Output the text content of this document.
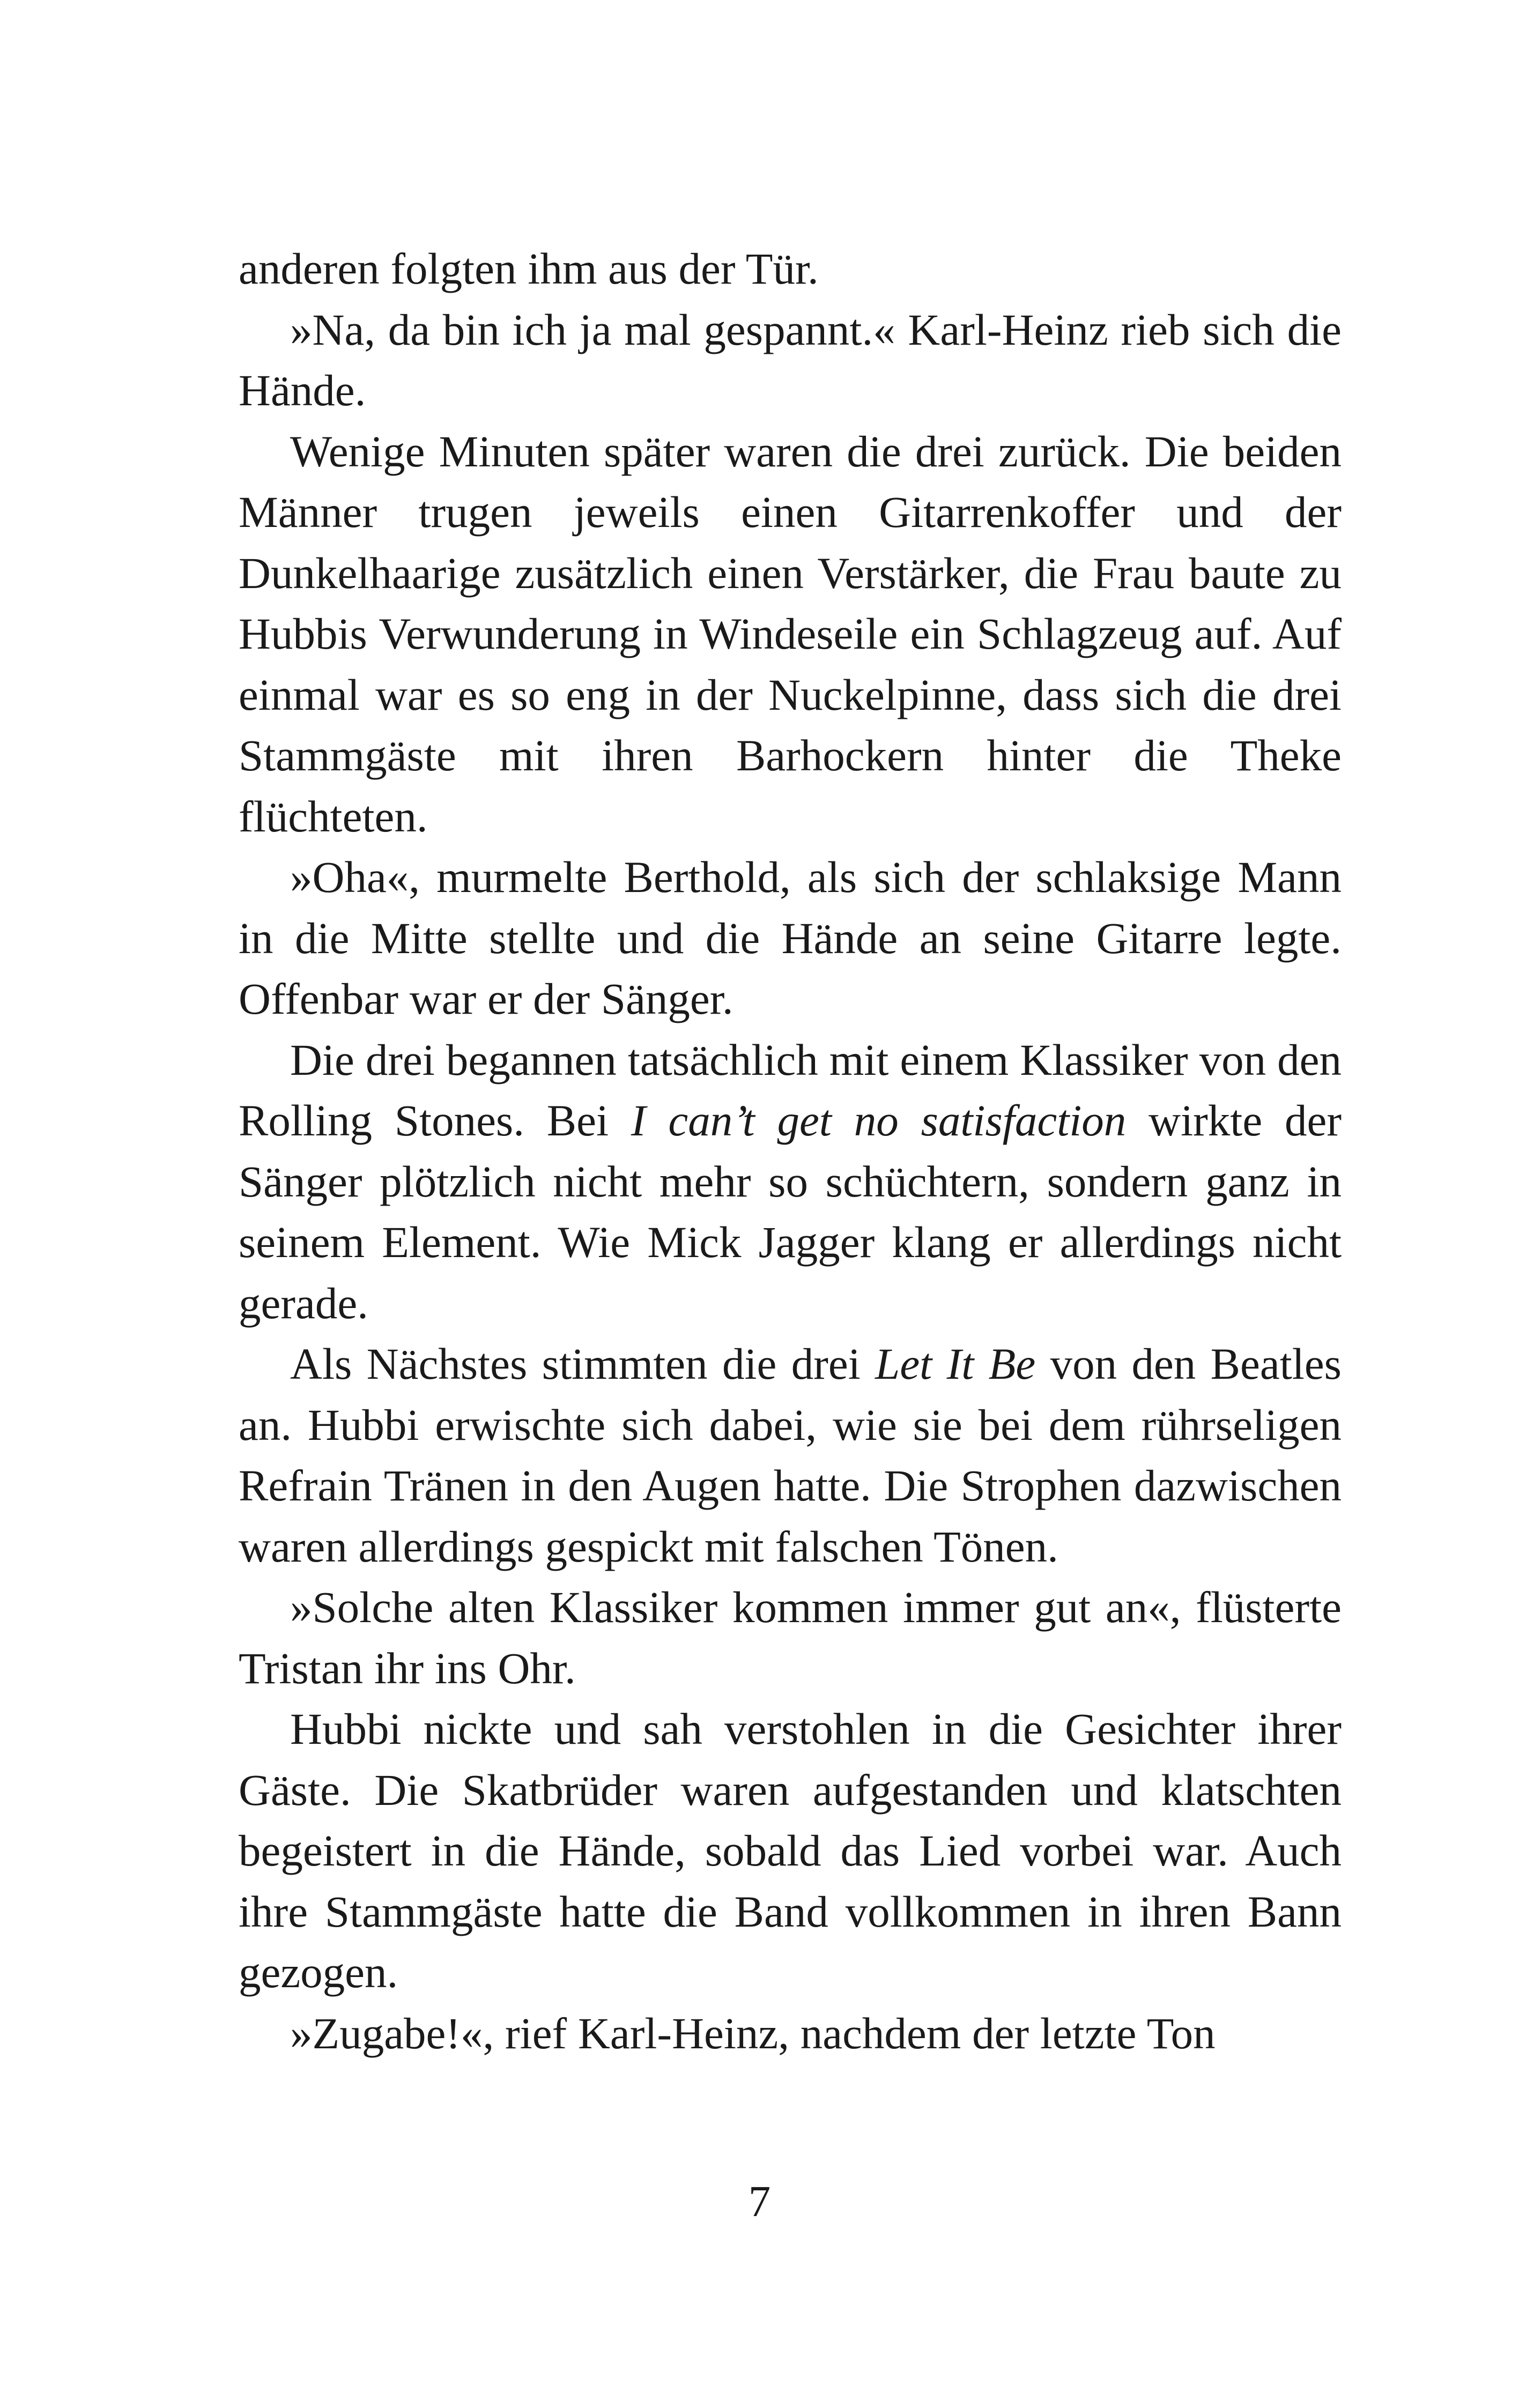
anderen folgten ihm aus der Tür.

»Na, da bin ich ja mal gespannt.« Karl-Heinz rieb sich die Hände.

Wenige Minuten später waren die drei zurück. Die beiden Männer trugen jeweils einen Gitarrenkoffer und der Dunkelhaarige zusätzlich einen Verstärker, die Frau baute zu Hubbis Verwunderung in Windeseile ein Schlagzeug auf. Auf einmal war es so eng in der Nuckelpinne, dass sich die drei Stammgäste mit ihren Barhockern hinter die Theke flüchteten.

»Oha«, murmelte Berthold, als sich der schlaksige Mann in die Mitte stellte und die Hände an seine Gitarre legte. Offenbar war er der Sänger.

Die drei begannen tatsächlich mit einem Klassiker von den Rolling Stones. Bei I can’t get no satisfaction wirkte der Sänger plötzlich nicht mehr so schüchtern, sondern ganz in seinem Element. Wie Mick Jagger klang er allerdings nicht gerade.

Als Nächstes stimmten die drei Let It Be von den Beatles an. Hubbi erwischte sich dabei, wie sie bei dem rührseligen Refrain Tränen in den Augen hatte. Die Strophen dazwischen waren allerdings gespickt mit falschen Tönen.

»Solche alten Klassiker kommen immer gut an«, flüsterte Tristan ihr ins Ohr.

Hubbi nickte und sah verstohlen in die Gesichter ihrer Gäste. Die Skatbrüder waren aufgestanden und klatschten begeistert in die Hände, sobald das Lied vorbei war. Auch ihre Stammgäste hatte die Band vollkommen in ihren Bann gezogen.

»Zugabe!«, rief Karl-Heinz, nachdem der letzte Ton

7
